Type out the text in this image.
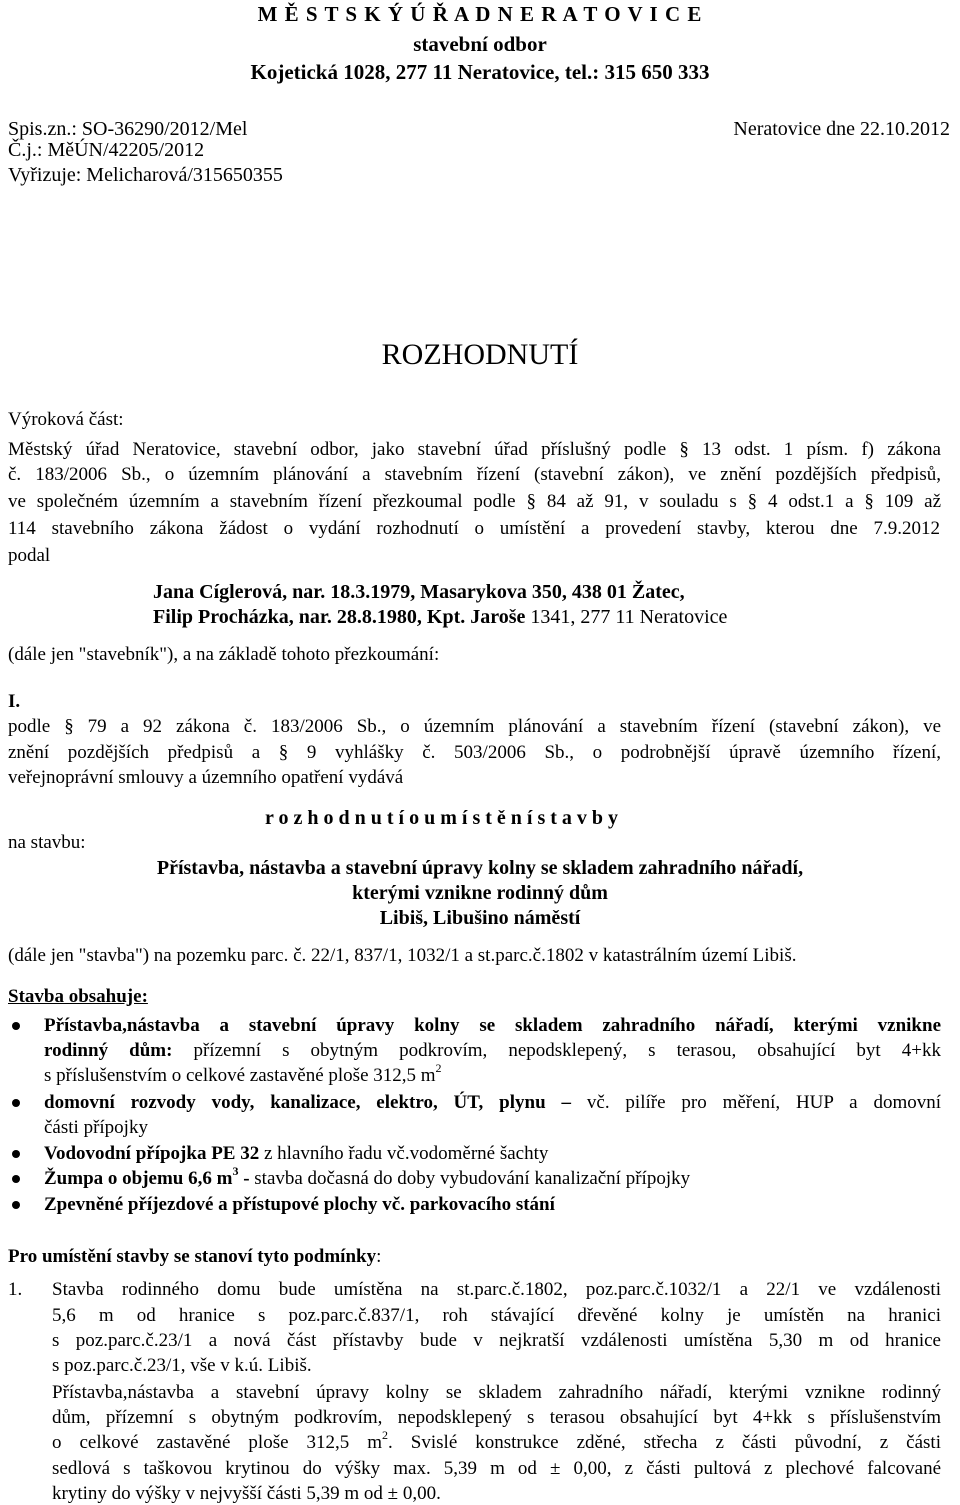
M Ě S T S K Ý Ú Ř A D N E R A T O V I C E
stavební odbor
Kojetická 1028, 277 11 Neratovice, tel.: 315 650 333
Spis.zn.: SO-36290/2012/Mel	Neratovice dne 22.10.2012
Č.j.: MěÚN/42205/2012
Vyřizuje: Melicharová/315650355
ROZHODNUTÍ
Výroková část:
Městský úřad Neratovice, stavební odbor, jako stavební úřad příslušný podle § 13 odst. 1 písm. f) zákona
č. 183/2006 Sb., o územním plánování a stavebním řízení (stavební zákon), ve znění pozdějších předpisů,
ve společném územním a stavebním řízení přezkoumal podle § 84 až 91, v souladu s § 4 odst.1 a § 109 až
114 stavebního zákona žádost o vydání rozhodnutí o umístění a provedení stavby, kterou dne 7.9.2012
podal
Jana Cíglerová, nar. 18.3.1979, Masarykova 350, 438 01 Žatec,
Filip Procházka, nar. 28.8.1980, Kpt. Jaroše 1341, 277 11 Neratovice
(dále jen "stavebník"), a na základě tohoto přezkoumání:
I.
podle § 79 a 92 zákona č. 183/2006 Sb., o územním plánování a stavebním řízení (stavební zákon), ve
znění pozdějších předpisů a § 9 vyhlášky č. 503/2006 Sb., o podrobnější úpravě územního řízení,
veřejnoprávní smlouvy a územního opatření vydává
r o z h o d n u t í o u m í s t ě n í s t a v b y
na stavbu:
Přístavba, nástavba a stavební úpravy kolny se skladem zahradního nářadí,
kterými vznikne rodinný dům
Libiš, Libušino náměstí
(dále jen "stavba") na pozemku parc. č. 22/1, 837/1, 1032/1 a st.parc.č.1802 v katastrálním území Libiš.
Stavba obsahuje:
Přístavba,nástavba a stavební úpravy kolny se skladem zahradního nářadí, kterými vznikne
rodinný dům: přízemní s obytným podkrovím, nepodsklepený, s terasou, obsahující byt 4+kk
s příslušenstvím o celkové zastavěné ploše 312,5 $m^2$
domovní rozvody vody, kanalizace, elektro, ÚT, plynu – vč. pilíře pro měření, HUP a domovní
části přípojky
Vodovodní přípojka PE 32 z hlavního řadu vč.vodoměrné šachty
Žumpa o objemu 6,6 $m^3$ - stavba dočasná do doby vybudování kanalizační přípojky
Zpevněné příjezdové a přístupové plochy vč. parkovacího stání
Pro umístění stavby se stanoví tyto podmínky:
1. Stavba rodinného domu bude umístěna na st.parc.č.1802, poz.parc.č.1032/1 a 22/1 ve vzdálenosti
5,6 m od hranice s poz.parc.č.837/1, roh stávající dřevěné kolny je umístěn na hranici
s poz.parc.č.23/1 a nová část přístavby bude v nejkratší vzdálenosti umístěna 5,30 m od hranice
s poz.parc.č.23/1, vše v k.ú. Libiš.
Přístavba,nástavba a stavební úpravy kolny se skladem zahradního nářadí, kterými vznikne rodinný
dům, přízemní s obytným podkrovím, nepodsklepený s terasou obsahující byt 4+kk s příslušenstvím
o celkové zastavěné ploše 312,5 $m^2$. Svislé konstrukce zděné, střecha z části původní, z části
sedlová s taškovou krytinou do výšky max. 5,39 m od ± 0,00, z části pultová z plechové falcované
krytiny do výšky v nejvyšší části 5,39 m od ± 0,00.
